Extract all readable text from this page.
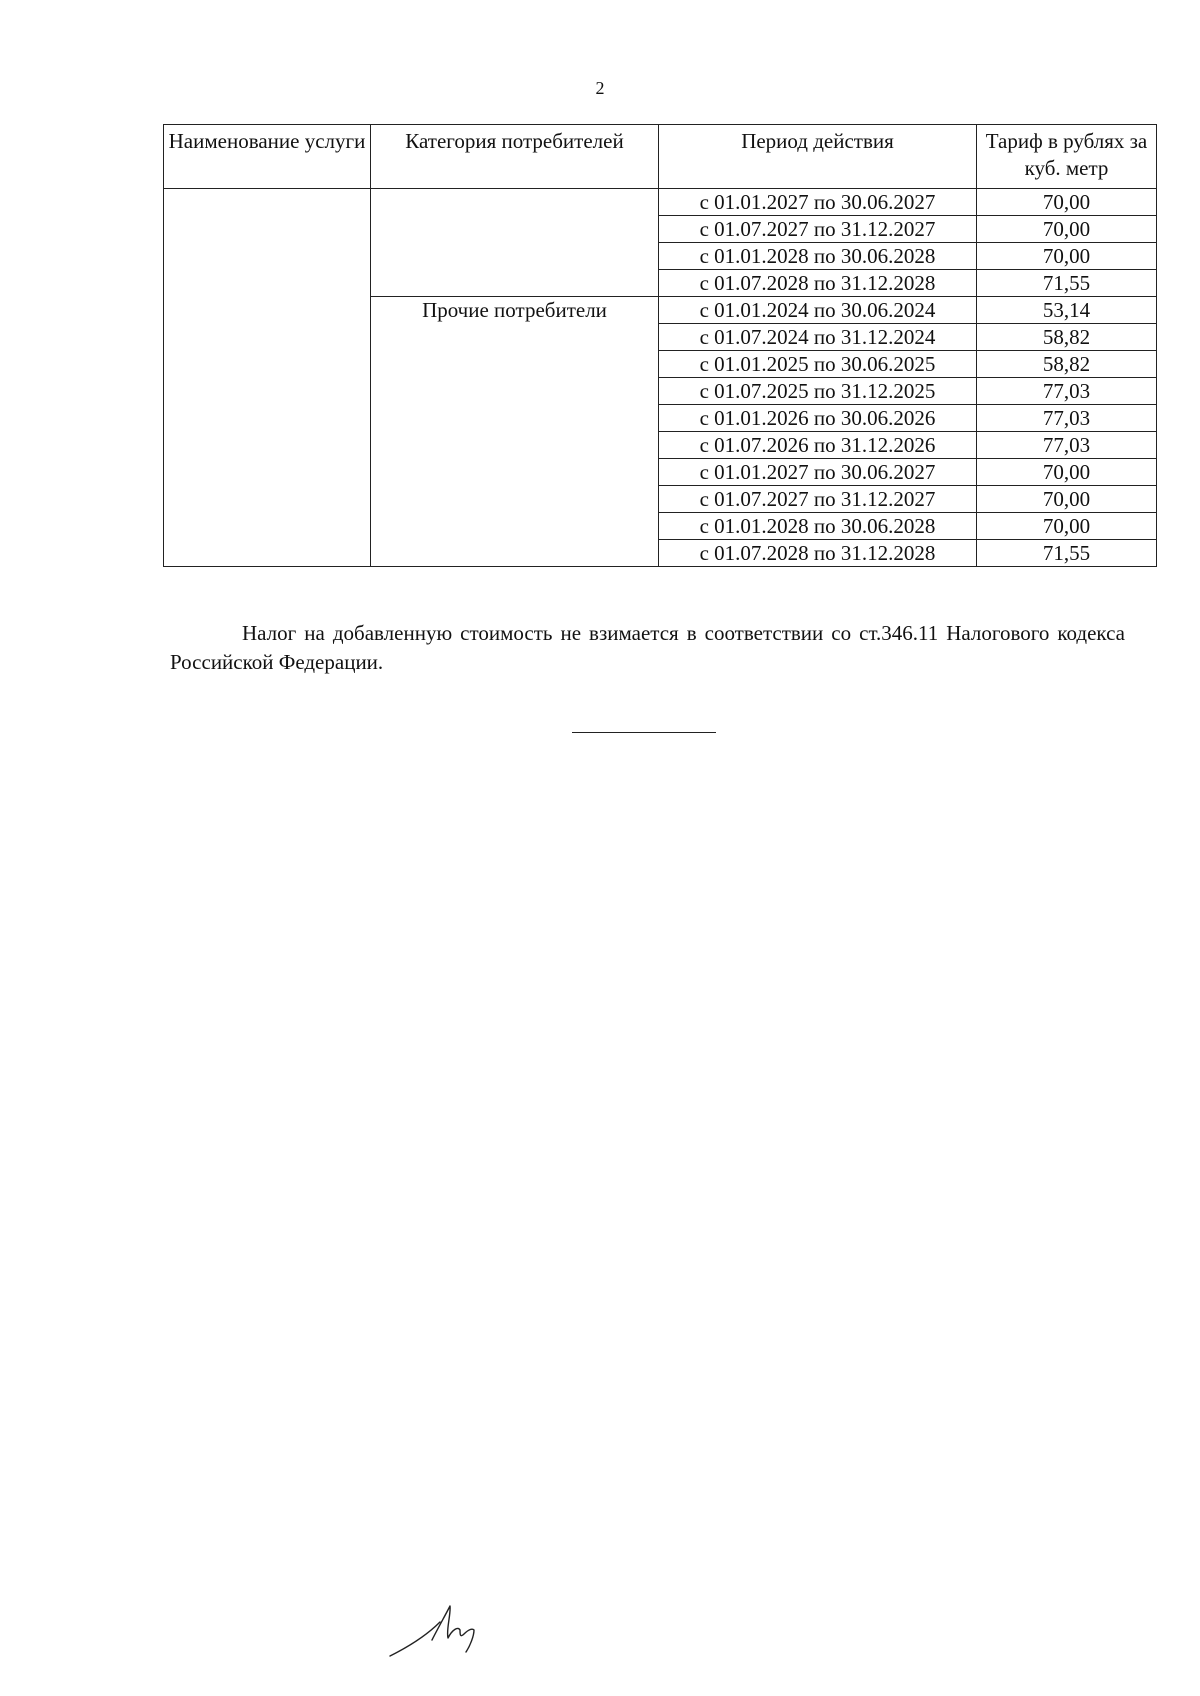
2
Наименование услуги	Категория потребителей	Период действия	Тариф в рублях за куб. метр
		с 01.01.2027 по 30.06.2027	70,00
		с 01.07.2027 по 31.12.2027	70,00
		с 01.01.2028 по 30.06.2028	70,00
		с 01.07.2028 по 31.12.2028	71,55
	Прочие потребители	с 01.01.2024 по 30.06.2024	53,14
		с 01.07.2024 по 31.12.2024	58,82
		с 01.01.2025 по 30.06.2025	58,82
		с 01.07.2025 по 31.12.2025	77,03
		с 01.01.2026 по 30.06.2026	77,03
		с 01.07.2026 по 31.12.2026	77,03
		с 01.01.2027 по 30.06.2027	70,00
		с 01.07.2027 по 31.12.2027	70,00
		с 01.01.2028 по 30.06.2028	70,00
		с 01.07.2028 по 31.12.2028	71,55

Налог на добавленную стоимость не взимается в соответствии со ст.346.11 Налогового кодекса Российской Федерации.
